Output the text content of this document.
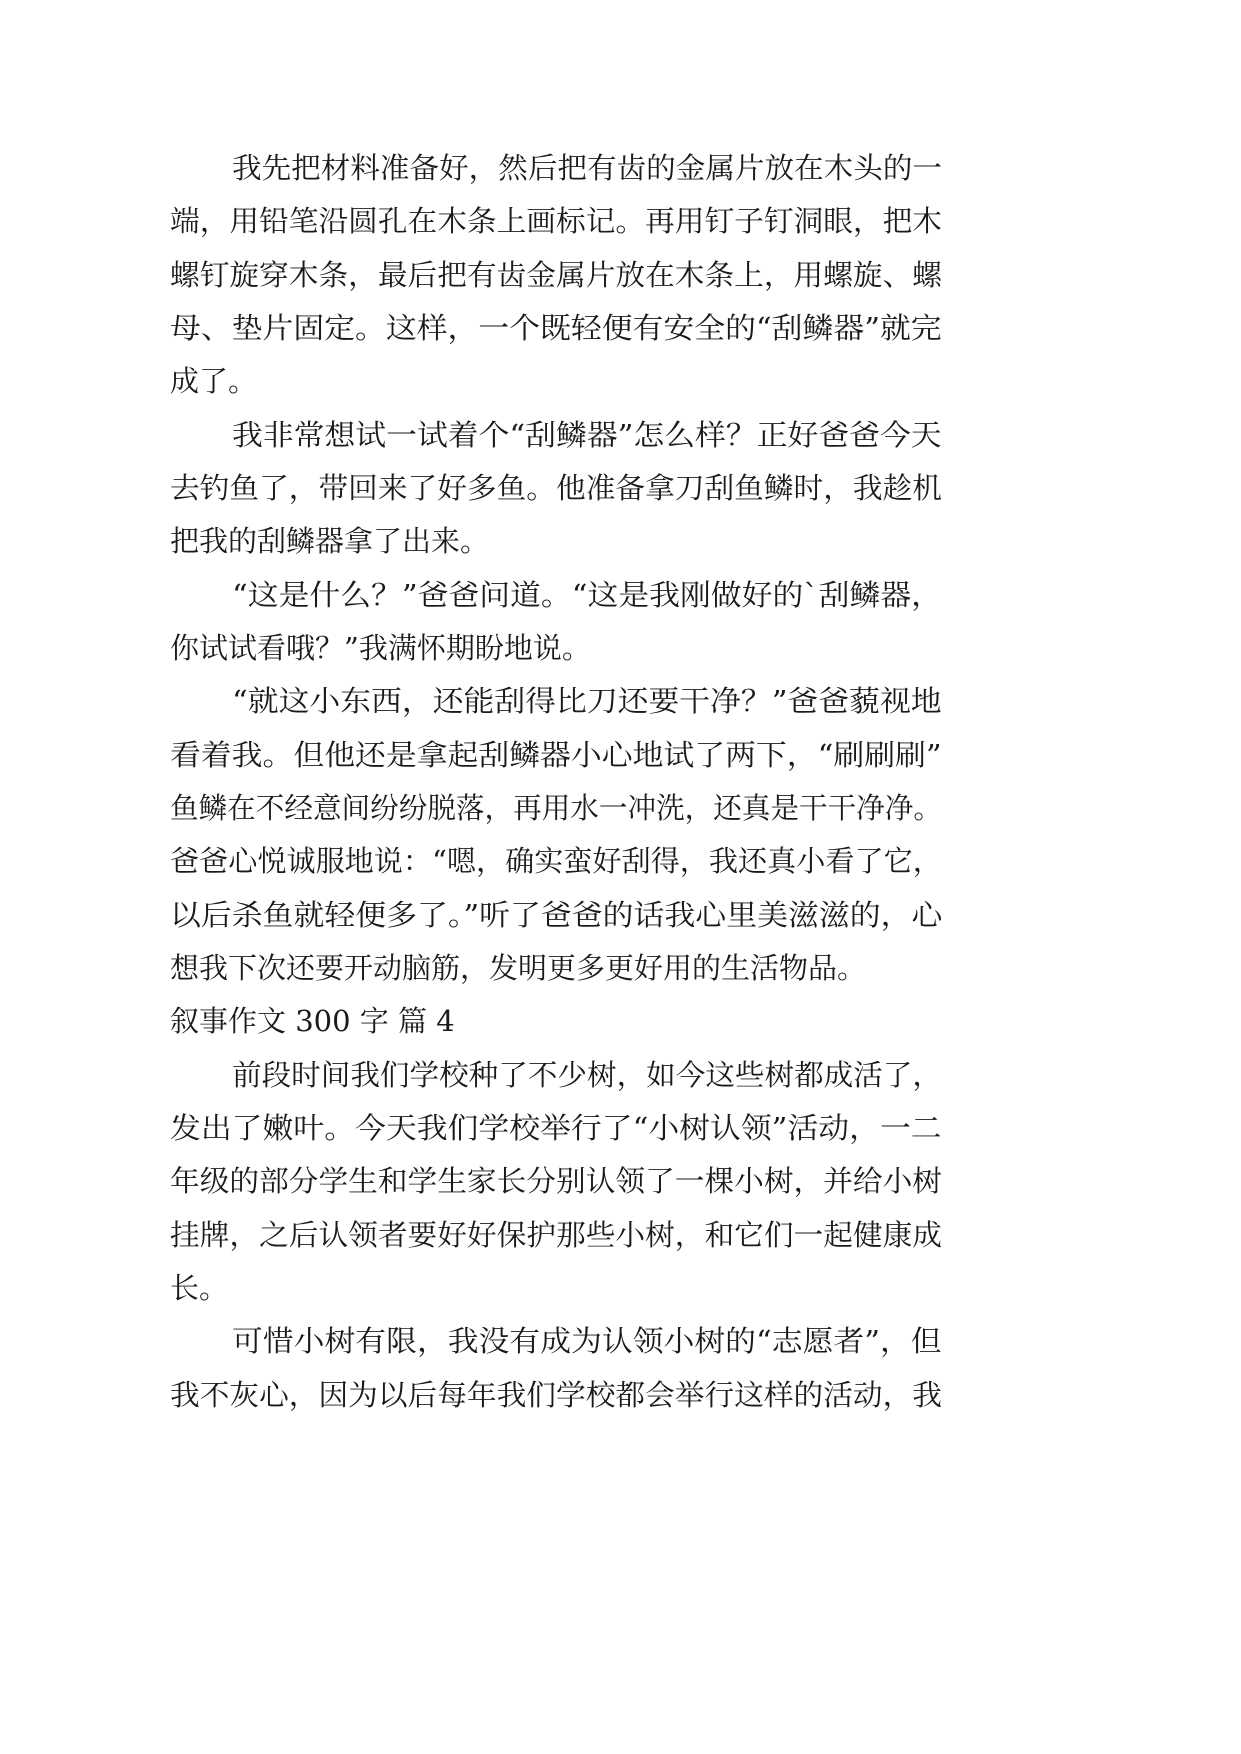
我先把材料准备好，然后把有齿的金属片放在木头的一

端，用铅笔沿圆孔在木条上画标记。再用钉子钉洞眼，把木

螺钉旋穿木条，最后把有齿金属片放在木条上，用螺旋、螺

母、垫片固定。这样，一个既轻便有安全的“刮鳞器”就完

成了。

我非常想试一试着个“刮鳞器”怎么样？正好爸爸今天

去钓鱼了，带回来了好多鱼。他准备拿刀刮鱼鳞时，我趁机

把我的刮鳞器拿了出来。

“这是什么？”爸爸问道。“这是我刚做好的`刮鳞器，

你试试看哦？”我满怀期盼地说。

“就这小东西，还能刮得比刀还要干净？”爸爸藐视地

看着我。但他还是拿起刮鳞器小心地试了两下，“刷刷刷”

鱼鳞在不经意间纷纷脱落，再用水一冲洗，还真是干干净净。

爸爸心悦诚服地说：“嗯，确实蛮好刮得，我还真小看了它，

以后杀鱼就轻便多了。”听了爸爸的话我心里美滋滋的，心

想我下次还要开动脑筋，发明更多更好用的生活物品。

叙事作文 300 字 篇 4

前段时间我们学校种了不少树，如今这些树都成活了，

发出了嫩叶。今天我们学校举行了“小树认领”活动，一二

年级的部分学生和学生家长分别认领了一棵小树，并给小树

挂牌，之后认领者要好好保护那些小树，和它们一起健康成

长。

可惜小树有限，我没有成为认领小树的“志愿者”，但

我不灰心，因为以后每年我们学校都会举行这样的活动，我
